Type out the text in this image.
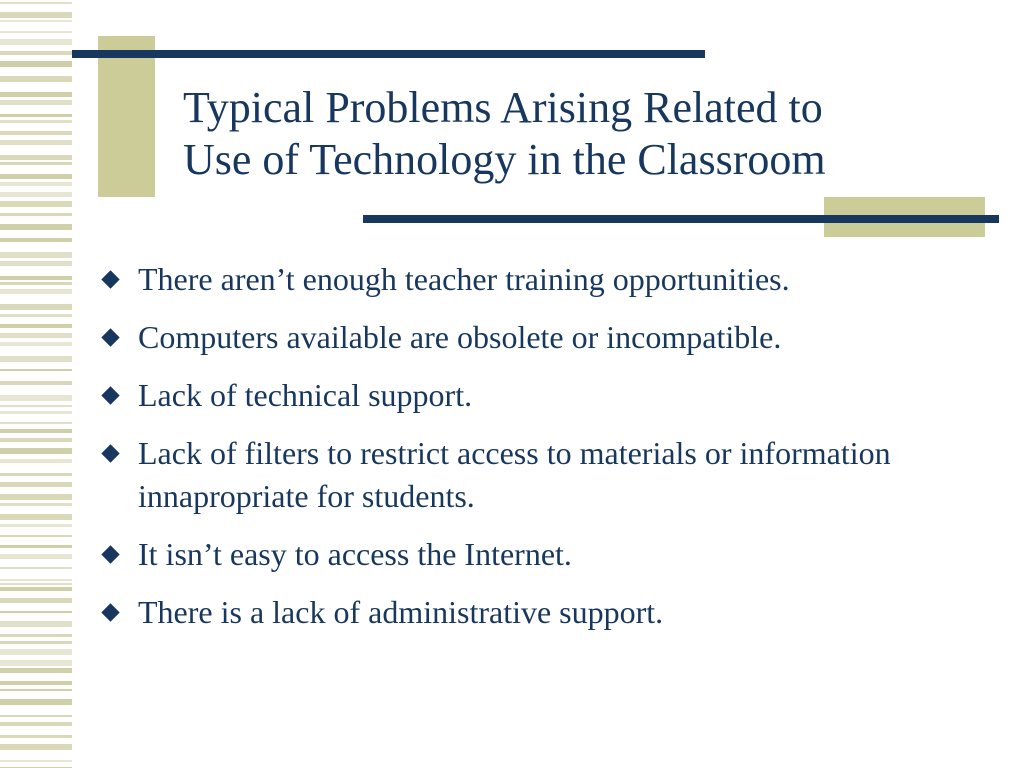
Typical Problems Arising Related to
Use of Technology in the Classroom
There aren’t enough teacher training opportunities.
Computers available are obsolete or incompatible.
Lack of technical support.
Lack of filters to restrict access to materials or information innapropriate for students.
It isn’t easy to access the Internet.
There is a lack of administrative support.
